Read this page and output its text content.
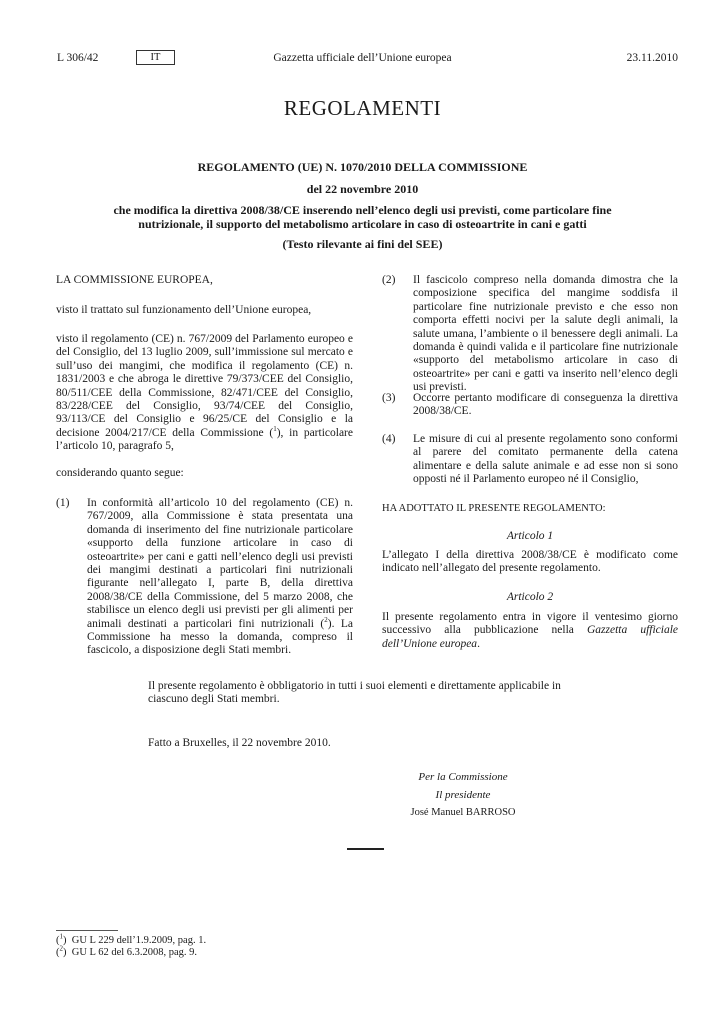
L 306/42	IT	Gazzetta ufficiale dell’Unione europea	23.11.2010
REGOLAMENTI
REGOLAMENTO (UE) N. 1070/2010 DELLA COMMISSIONE
del 22 novembre 2010
che modifica la direttiva 2008/38/CE inserendo nell’elenco degli usi previsti, come particolare fine nutrizionale, il supporto del metabolismo articolare in caso di osteoartrite in cani e gatti
(Testo rilevante ai fini del SEE)
LA COMMISSIONE EUROPEA,
visto il trattato sul funzionamento dell’Unione europea,
visto il regolamento (CE) n. 767/2009 del Parlamento europeo e del Consiglio, del 13 luglio 2009, sull’immissione sul mercato e sull’uso dei mangimi, che modifica il regolamento (CE) n. 1831/2003 e che abroga le direttive 79/373/CEE del Consiglio, 80/511/CEE della Commissione, 82/471/CEE del Consiglio, 83/228/CEE del Consiglio, 93/74/CEE del Consiglio, 93/113/CE del Consiglio e 96/25/CE del Consiglio e la decisione 2004/217/CE della Commissione ($^1$), in particolare l’articolo 10, paragrafo 5,
considerando quanto segue:
(1) In conformità all’articolo 10 del regolamento (CE) n. 767/2009, alla Commissione è stata presentata una domanda di inserimento del fine nutrizionale particolare «supporto della funzione articolare in caso di osteoartrite» per cani e gatti nell’elenco degli usi previsti dei mangimi destinati a particolari fini nutrizionali figurante nell’allegato I, parte B, della direttiva 2008/38/CE della Commissione, del 5 marzo 2008, che stabilisce un elenco degli usi previsti per gli alimenti per animali destinati a particolari fini nutrizionali ($^2$). La Commissione ha messo la domanda, compreso il fascicolo, a disposizione degli Stati membri.
(2) Il fascicolo compreso nella domanda dimostra che la composizione specifica del mangime soddisfa il particolare fine nutrizionale previsto e che esso non comporta effetti nocivi per la salute degli animali, la salute umana, l’ambiente o il benessere degli animali. La domanda è quindi valida e il particolare fine nutrizionale «supporto del metabolismo articolare in caso di osteoartrite» per cani e gatti va inserito nell’elenco degli usi previsti.
(3) Occorre pertanto modificare di conseguenza la direttiva 2008/38/CE.
(4) Le misure di cui al presente regolamento sono conformi al parere del comitato permanente della catena alimentare e della salute animale e ad esse non si sono opposti né il Parlamento europeo né il Consiglio,
HA ADOTTATO IL PRESENTE REGOLAMENTO:
Articolo 1
L’allegato I della direttiva 2008/38/CE è modificato come indicato nell’allegato del presente regolamento.
Articolo 2
Il presente regolamento entra in vigore il ventesimo giorno successivo alla pubblicazione nella Gazzetta ufficiale dell’Unione europea.
Il presente regolamento è obbligatorio in tutti i suoi elementi e direttamente applicabile in ciascuno degli Stati membri.
Fatto a Bruxelles, il 22 novembre 2010.
Per la Commissione
Il presidente
José Manuel BARROSO
($^1$)  GU L 229 dell’1.9.2009, pag. 1.
($^2$)  GU L 62 del 6.3.2008, pag. 9.
